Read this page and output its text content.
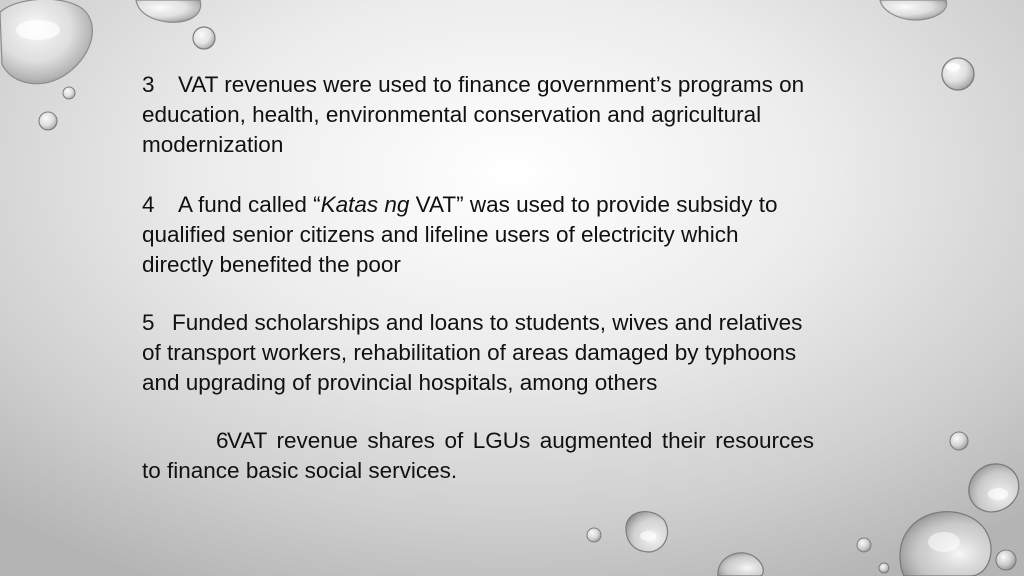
3 VAT revenues were used to finance government’s programs on education, health, environmental conservation and agricultural modernization

4 A fund called “Katas ng VAT” was used to provide subsidy to qualified senior citizens and lifeline users of electricity which directly benefited the poor

5 Funded scholarships and loans to students, wives and relatives of transport workers, rehabilitation of areas damaged by typhoons and upgrading of provincial hospitals, among others

6VAT revenue shares of LGUs augmented their resources to finance basic social services.
